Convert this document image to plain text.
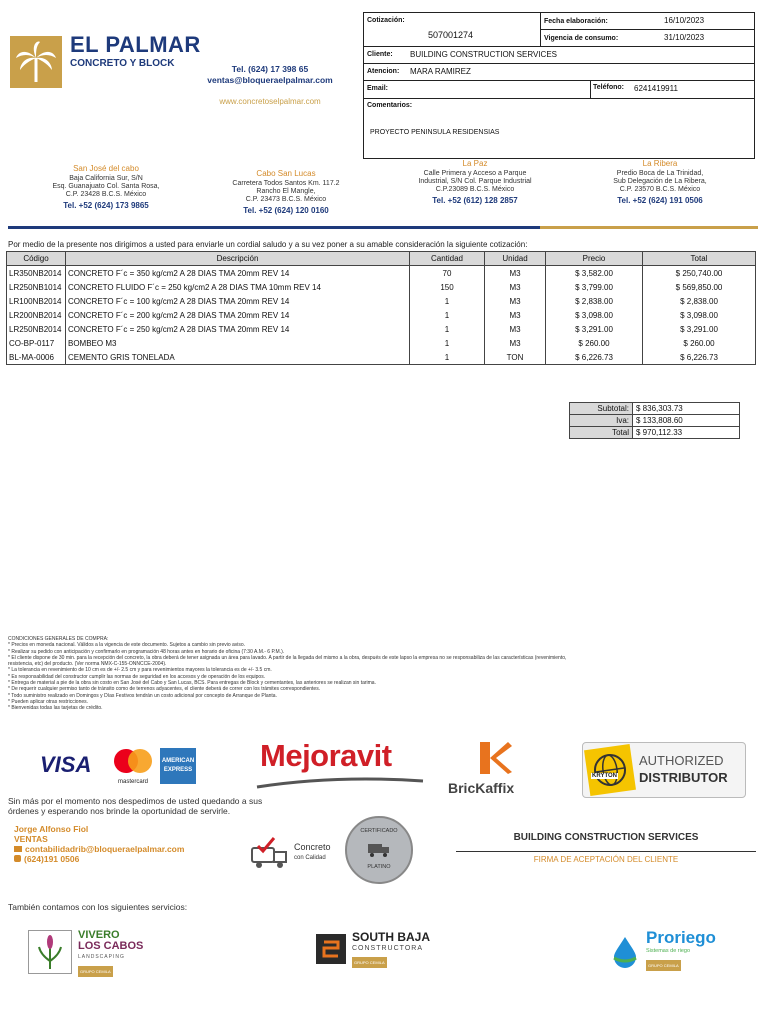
EL PALMAR
CONCRETO Y BLOCK	Tel. (624) 17 398 65
ventas@bloqueraelpalmar.com
www.concretoselpalmar.com
Cotización:
507001274
Fecha elaboración:	16/10/2023
Vigencia de consumo:	31/10/2023
Cliente: BUILDING CONSTRUCTION SERVICES
Atencion: MARA RAMIREZ
Email:	Teléfono: 6241419911
Comentarios:
PROYECTO PENINSULA RESIDENSIAS
San José del cabo
Baja California Sur, S/N
Esq. Guanajuato Col. Santa Rosa,
C.P. 23428 B.C.S. México
Tel. +52 (624) 173 9865
Cabo San Lucas
Carretera Todos Santos Km. 117.2
Rancho El Mangle,
C.P. 23473 B.C.S. México
Tel. +52 (624) 120 0160
La Paz
Calle Primera y Acceso a Parque
Industrial, S/N Col. Parque Industrial
C.P.23089 B.C.S. México
Tel. +52 (612) 128 2857
La Ribera
Predio Boca de La Trinidad,
Sub Delegación de La Ribera,
C.P. 23570 B.C.S. México
Tel. +52 (624) 191 0506
Por medio de la presente nos dirigimos a usted para enviarle un cordial saludo y a su vez poner a su amable consideración la siguiente cotización:
Código	Descripción	Cantidad	Unidad	Precio	Total
LR350NB2014	CONCRETO F´c = 350 kg/cm2 A 28 DIAS TMA 20mm REV 14	70	M3	$ 3,582.00	$ 250,740.00
LR250NB1014	CONCRETO FLUIDO F´c = 250 kg/cm2 A 28 DIAS TMA 10mm REV 14	150	M3	$ 3,799.00	$ 569,850.00
LR100NB2014	CONCRETO F´c = 100 kg/cm2 A 28 DIAS TMA 20mm REV 14	1	M3	$ 2,838.00	$ 2,838.00
LR200NB2014	CONCRETO F´c = 200 kg/cm2 A 28 DIAS TMA 20mm REV 14	1	M3	$ 3,098.00	$ 3,098.00
LR250NB2014	CONCRETO F´c = 250 kg/cm2 A 28 DIAS TMA 20mm REV 14	1	M3	$ 3,291.00	$ 3,291.00
CO-BP-0117	BOMBEO M3	1	M3	$ 260.00	$ 260.00
BL-MA-0006	CEMENTO GRIS TONELADA	1	TON	$ 6,226.73	$ 6,226.73
Subtotal:	$ 836,303.73
Iva:	$ 133,808.60
Total	$ 970,112.33
CONDICIONES GENERALES DE COMPRA:
* Precios en moneda nacional. Válidos a la vigencia de este documento. Sujetos a cambio sin previo aviso.
* Realizar su pedido con anticipación y confirmarlo en programación 48 horas antes en horario de oficina (7:30 A.M.- 6 P.M.).
* El cliente dispone de 30 min. para la recepción del concreto, la obra deberá de tener asignada un área para lavado. A partir de la llegada del mismo a la obra, después de este lapso la empresa no se responsabiliza de las características (revenimiento,
resistencia, etc) del producto. (Ver norma NMX-C-155-ONNCCE-2004).
* La tolerancia en revenimiento de 10 cm es de +/- 2.5 cm y para revenimientos mayores la tolerancia es de +/- 3.5 cm.
* Es responsabilidad del constructor cumplir las normas de seguridad en los accesos y de operación de los equipos.
* Entrega de material a pie de la obra sin costo en San José del Cabo y San Lucas, BCS. Para entregas de Block y cementantes, las anteriores se realizan sin tarima.
* De requerir cualquier permiso tanto de tránsito como de terrenos adyacentes, el cliente deberá de correr con los trámites correspondientes.
* Todo suministro realizado en Domingos y Días Festivos tendrán un costo adicional por concepto de Arranque de Planta.
* Pueden aplicar otras restricciones.
* Bienvenidas todas las tarjetas de crédito.
VISA
mastercard
AMERICAN EXPRESS Mejoravit
BricKaffix
KRYTON
AUTHORIZED
DISTRIBUTOR
Sin más por el momento nos despedimos de usted quedando a sus órdenes y esperando nos brinde la oportunidad de servirle.
Jorge Alfonso Fiol
VENTAS
contabilidadrib@bloqueraelpalmar.com
(624)191 0506
Concreto
con Calidad
CERTIFICADO
PLATINO
BUILDING CONSTRUCTION SERVICES
FIRMA DE ACEPTACIÓN DEL CLIENTE
También contamos con los siguientes servicios:
VIVERO
LOS CABOS
LANDSCAPING
GRUPO CEMILA
SOUTH BAJA
CONSTRUCTORA
GRUPO CEMILA
Proriego
Sistemas de riego
GRUPO CEMILA
